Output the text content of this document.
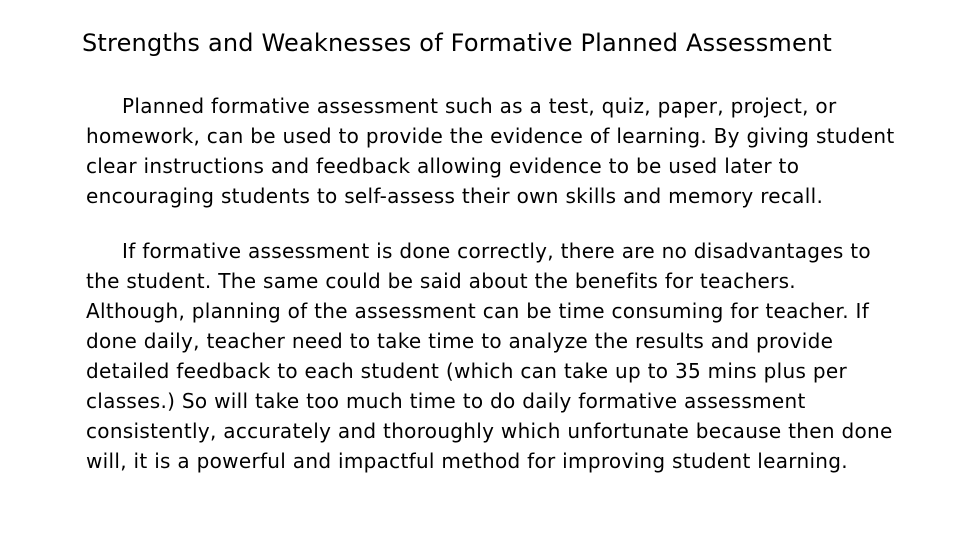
Strengths and Weaknesses of Formative Planned Assessment
Planned formative assessment such as a test, quiz, paper, project, or
homework, can be used to provide the evidence of learning. By giving student
clear instructions and feedback allowing evidence to be used later to
encouraging students to self-assess their own skills and memory recall.
If formative assessment is done correctly, there are no disadvantages to
the student. The same could be said about the benefits for teachers.
Although, planning of the assessment can be time consuming for teacher. If
done daily, teacher need to take time to analyze the results and provide
detailed feedback to each student (which can take up to 35 mins plus per
classes.) So will take too much time to do daily formative assessment
consistently, accurately and thoroughly which unfortunate because then done
will, it is a powerful and impactful method for improving student learning.
